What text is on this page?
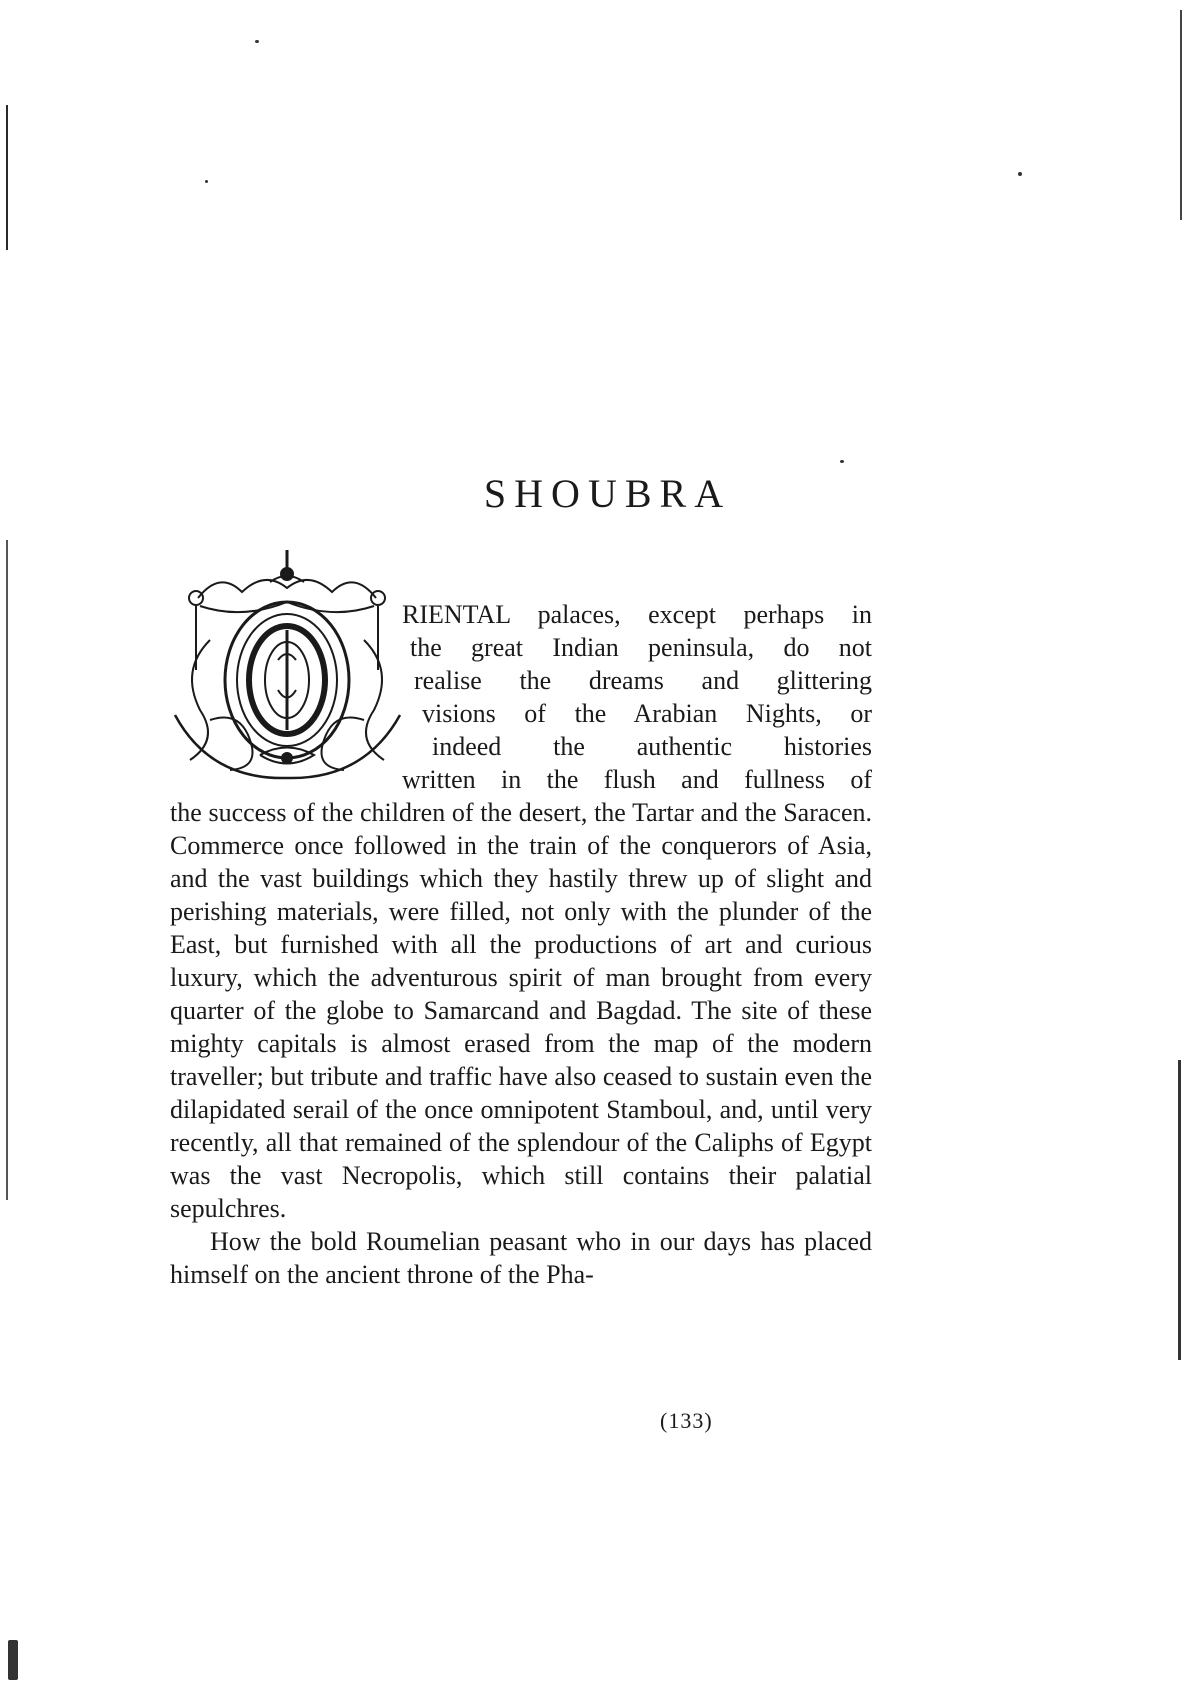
SHOUBRA
RIENTAL palaces, except perhaps in
the great Indian peninsula, do not
realise the dreams and glittering
visions of the Arabian Nights, or
indeed the authentic histories
written in the flush and fullness of
the success of the children of the desert, the Tartar and the Saracen. Commerce once followed in the train of the conquerors of Asia, and the vast buildings which they hastily threw up of slight and perishing materials, were filled, not only with the plunder of the East, but furnished with all the productions of art and curious luxury, which the adventurous spirit of man brought from every quarter of the globe to Samarcand and Bagdad. The site of these mighty capitals is almost erased from the map of the modern traveller; but tribute and traffic have also ceased to sustain even the dilapidated serail of the once omnipotent Stamboul, and, until very recently, all that remained of the splendour of the Caliphs of Egypt was the vast Necropolis, which still contains their palatial sepulchres.
How the bold Roumelian peasant who in our days has placed himself on the ancient throne of the Pha-
(133)
